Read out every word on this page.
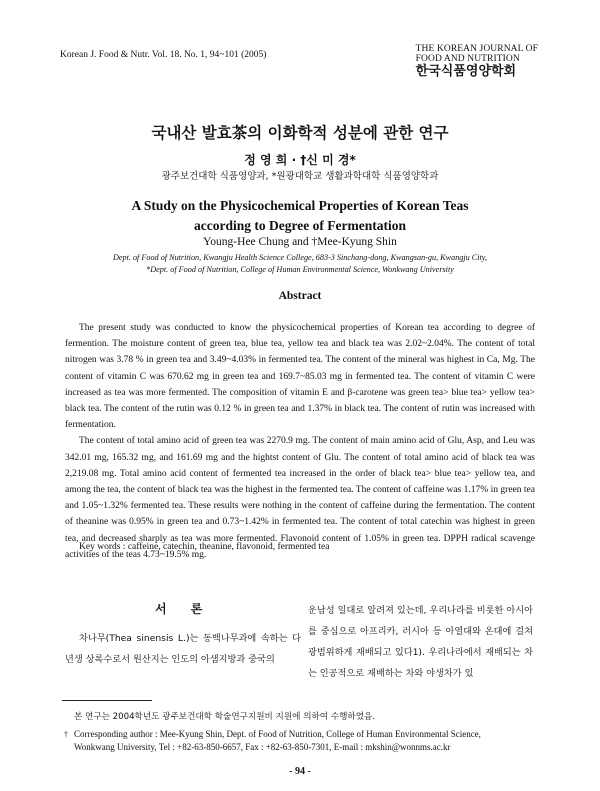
Korean J. Food & Nutr. Vol. 18. No. 1, 94~101 (2005)
THE KOREAN JOURNAL OF
FOOD AND NUTRITION
한국식품영양학회
국내산 발효茶의 이화학적 성분에 관한 연구
정 영 희 · †신 미 경*
광주보건대학 식품영양과, *원광대학교 생활과학대학 식품영양학과
A Study on the Physicochemical Properties of Korean Teas
according to Degree of Fermentation
Young-Hee Chung and †Mee-Kyung Shin
Dept. of Food of Nutrition, Kwangju Health Science College, 683-3 Sinchang-dong, Kwangsan-gu, Kwangju City,
*Dept. of Food of Nutrition, College of Human Environmental Science, Wonkwang University
Abstract

The present study was conducted to know the physicochemical properties of Korean tea according to degree of fermention. The moisture content of green tea, blue tea, yellow tea and black tea was 2.02~2.04%. The content of total nitrogen was 3.78 % in green tea and 3.49~4.03% in fermented tea. The content of the mineral was highest in Ca, Mg. The content of vitamin C was 670.62 mg in green tea and 169.7~85.03 mg in fermented tea. The content of vitamin C were increased as tea was more fermented. The composition of vitamin E and β-carotene was green tea> blue tea> yellow tea> black tea. The content of the rutin was 0.12 % in green tea and 1.37% in black tea. The content of rutin was increased with fermentation.

The content of total amino acid of green tea was 2270.9 mg. The content of main amino acid of Glu, Asp, and Leu was 342.01 mg, 165.32 mg, and 161.69 mg and the hightst content of Glu. The content of total amino acid of black tea was 2,219.08 mg. Total amino acid content of fermented tea increased in the order of black tea> blue tea> yellow tea, and among the tea, the content of black tea was the highest in the fermented tea. The content of caffeine was 1.17% in green tea and 1.05~1.32% fermented tea. These results were nothing in the content of caffeine during the fermentation. The content of theanine was 0.95% in green tea and 0.73~1.42% in fermented tea. The content of total catechin was highest in green tea, and decreased sharply as tea was more fermented. Flavonoid content of 1.05% in green tea. DPPH radical scavenge activities of the teas 4.73~19.5% mg.

Key words : caffeine, catechin, theanine, flavonoid, fermented tea
서 론
차나무(Thea sinensis L.)는 동백나무과에 속하는 다년생 상록수로서 원산지는 인도의 아샘지방과 중국의
운남성 일대로 알려져 있는데, 우리나라를 비롯한 아시아를 중심으로 아프리카, 러시아 등 아열대와 온대에 걸쳐 광범위하게 재배되고 있다1). 우리나라에서 재배되는 차는 인공적으로 재배하는 차와 야생차가 있
본 연구는 2004학년도 광주보건대학 학술연구지원비 지원에 의하여 수행하였음.
† Corresponding author : Mee-Kyung Shin, Dept. of Food of Nutrition, College of Human Environmental Science,
Wonkwang University, Tel : +82-63-850-6657, Fax : +82-63-850-7301, E-mail : mkshin@wonnms.ac.kr
- 94 -
